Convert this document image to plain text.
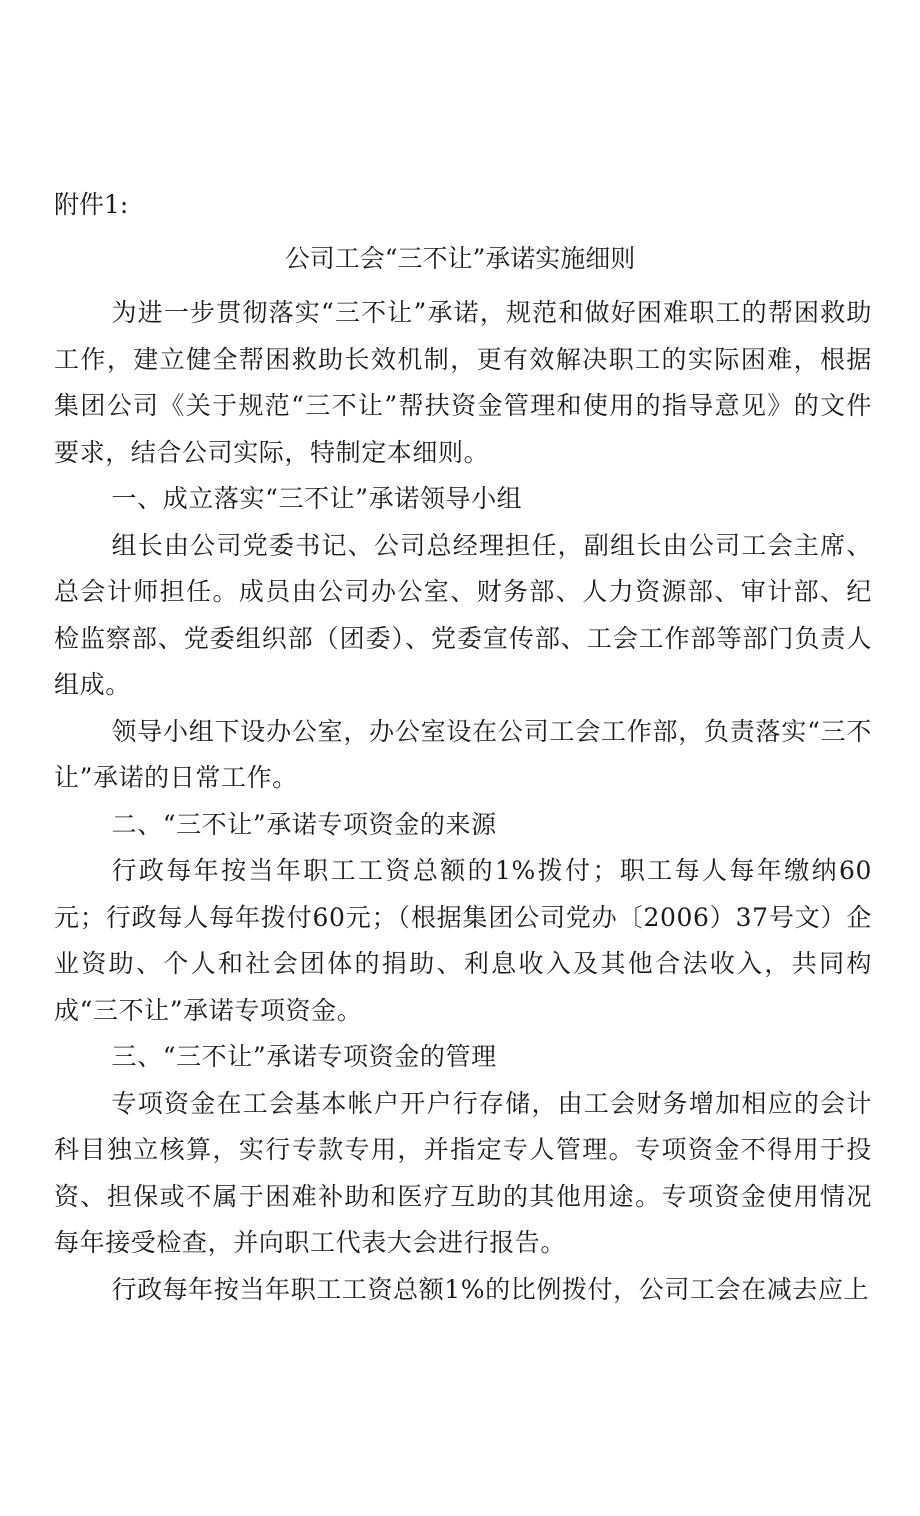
附件1:

公司工会“三不让”承诺实施细则

为进一步贯彻落实“三不让”承诺，规范和做好困难职工的帮困救助工作，建立健全帮困救助长效机制，更有效解决职工的实际困难，根据集团公司《关于规范“三不让”帮扶资金管理和使用的指导意见》的文件要求，结合公司实际，特制定本细则。

一、成立落实“三不让”承诺领导小组

组长由公司党委书记、公司总经理担任，副组长由公司工会主席、总会计师担任。成员由公司办公室、财务部、人力资源部、审计部、纪检监察部、党委组织部（团委）、党委宣传部、工会工作部等部门负责人组成。

领导小组下设办公室，办公室设在公司工会工作部，负责落实“三不让”承诺的日常工作。

二、“三不让”承诺专项资金的来源

行政每年按当年职工工资总额的1%拨付；职工每人每年缴纳60元；行政每人每年拨付60元；（根据集团公司党办〔2006）37号文）企业资助、个人和社会团体的捐助、利息收入及其他合法收入，共同构成“三不让”承诺专项资金。

三、“三不让”承诺专项资金的管理

专项资金在工会基本帐户开户行存储，由工会财务增加相应的会计科目独立核算，实行专款专用，并指定专人管理。专项资金不得用于投资、担保或不属于困难补助和医疗互助的其他用途。专项资金使用情况每年接受检查，并向职工代表大会进行报告。

行政每年按当年职工工资总额1%的比例拨付，公司工会在减去应上
